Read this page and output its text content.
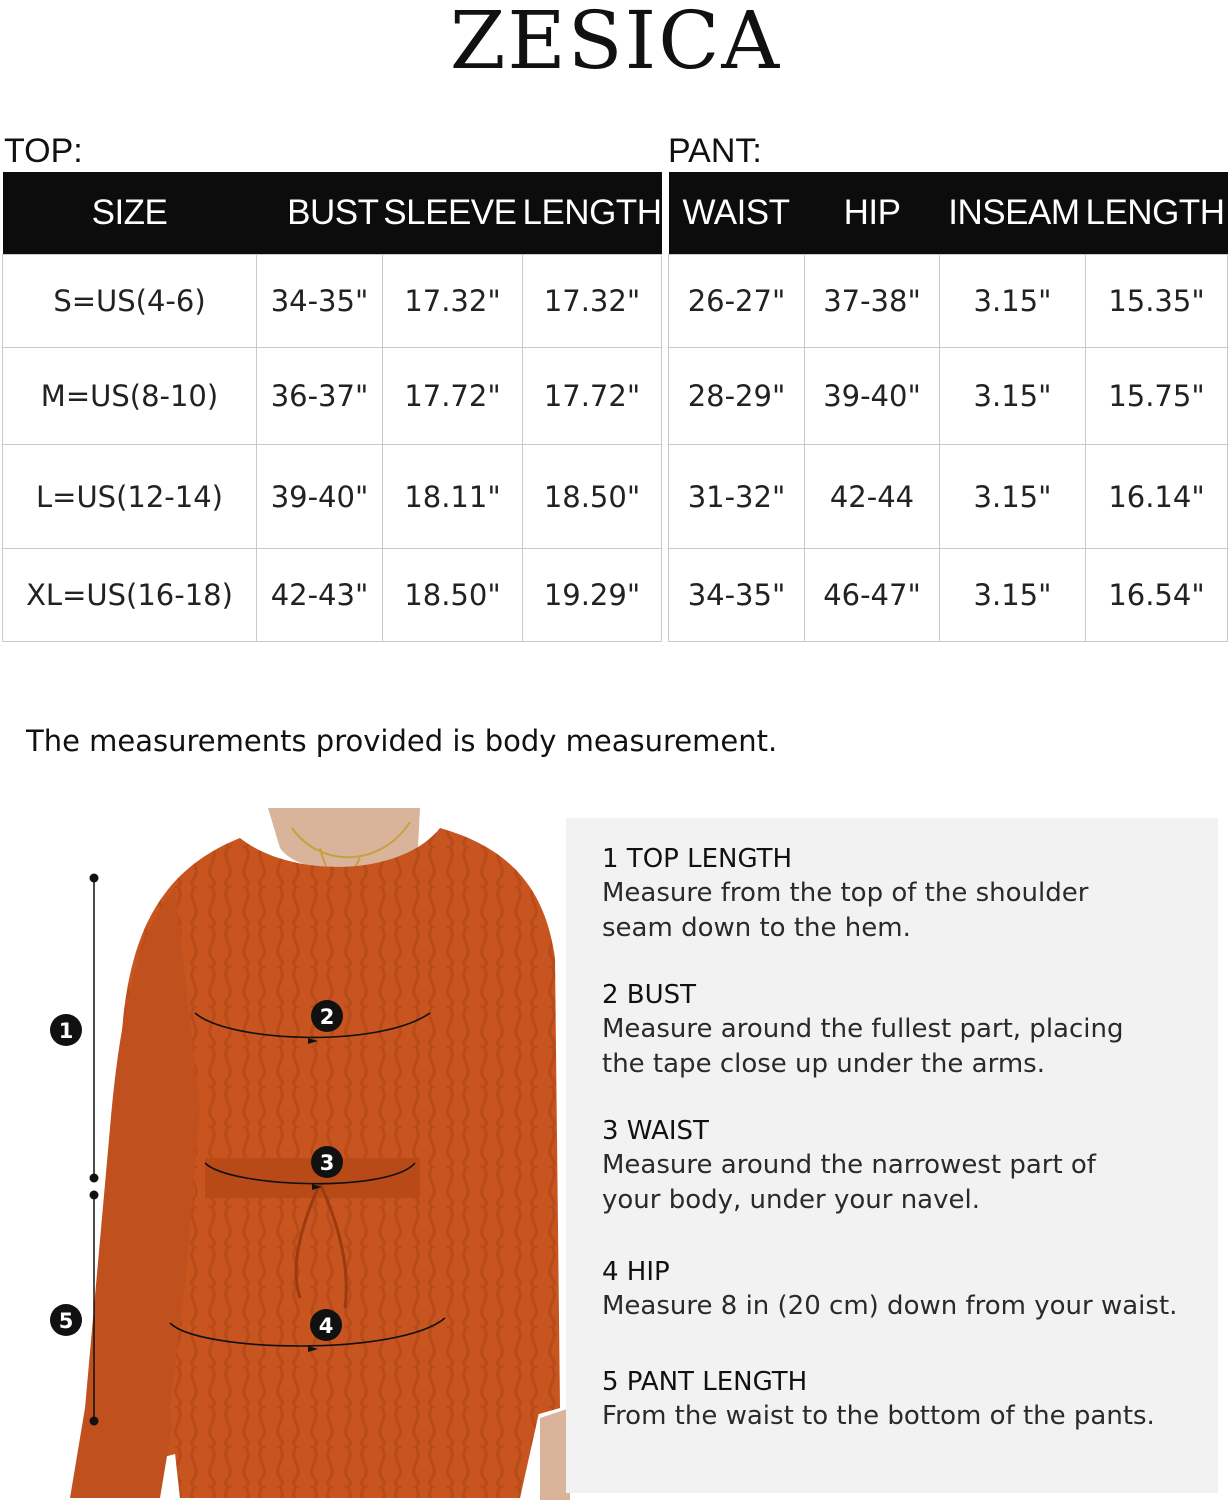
ZESICA
TOP:	PANT:
SIZE	BUST	SLEEVE	LENGTH
S=US(4-6)	34-35"	17.32"	17.32"
M=US(8-10)	36-37"	17.72"	17.72"
L=US(12-14)	39-40"	18.11"	18.50"
XL=US(16-18)	42-43"	18.50"	19.29"
WAIST	HIP	INSEAM	LENGTH
26-27"	37-38"	3.15"	15.35"
28-29"	39-40"	3.15"	15.75"
31-32"	42-44	3.15"	16.14"
34-35"	46-47"	3.15"	16.54"
The measurements provided is body measurement.
1
2
3
4
5
1 TOP LENGTH
Measure from the top of the shoulder
seam down to the hem.
2 BUST
Measure around the fullest part, placing
the tape close up under the arms.
3 WAIST
Measure around the narrowest part of
your body, under your navel.
4 HIP
Measure 8 in (20 cm) down from your waist.
5 PANT LENGTH
From the waist to the bottom of the pants.
